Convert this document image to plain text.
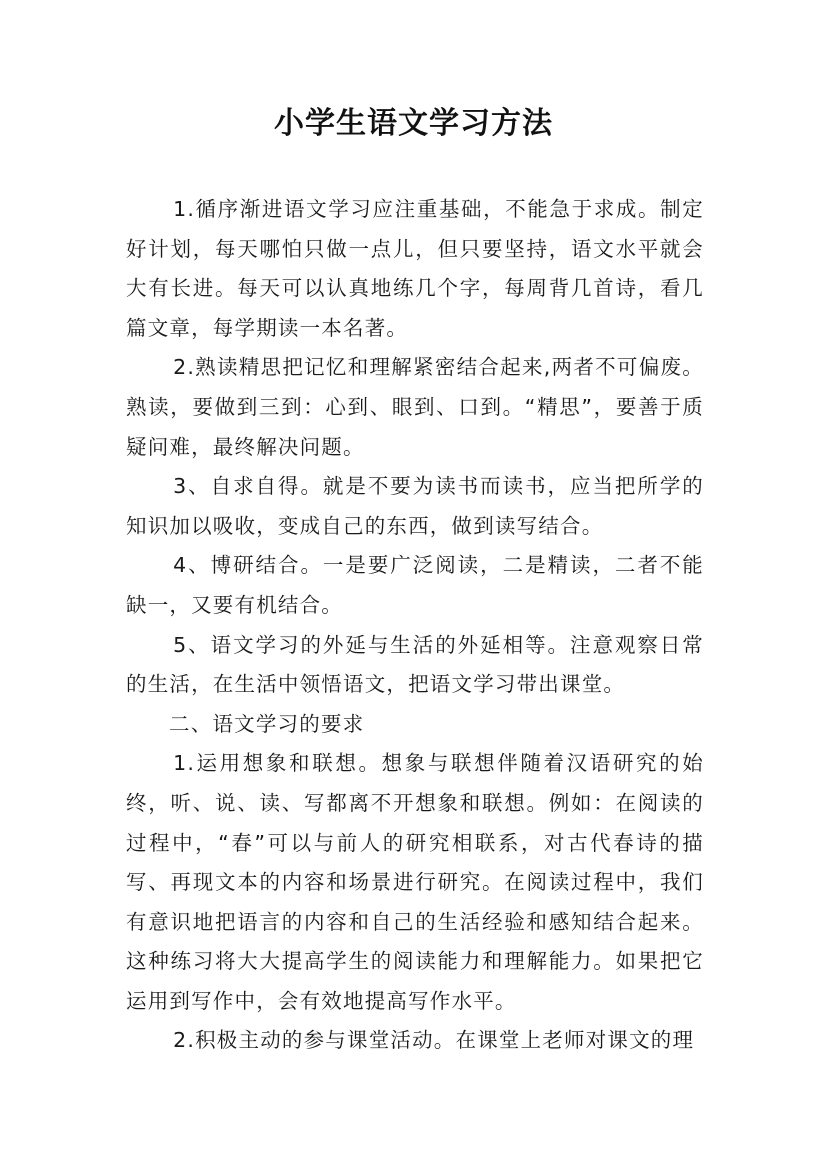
小学生语文学习方法

1.循序渐进语文学习应注重基础，不能急于求成。制定好计划，每天哪怕只做一点儿，但只要坚持，语文水平就会大有长进。每天可以认真地练几个字，每周背几首诗，看几篇文章，每学期读一本名著。

2.熟读精思把记忆和理解紧密结合起来,两者不可偏废。熟读，要做到三到：心到、眼到、口到。“精思”，要善于质疑问难，最终解决问题。

3、自求自得。就是不要为读书而读书，应当把所学的知识加以吸收，变成自己的东西，做到读写结合。

4、博研结合。一是要广泛阅读，二是精读，二者不能缺一，又要有机结合。

5、语文学习的外延与生活的外延相等。注意观察日常的生活，在生活中领悟语文，把语文学习带出课堂。

二、语文学习的要求

1.运用想象和联想。想象与联想伴随着汉语研究的始终，听、说、读、写都离不开想象和联想。例如：在阅读的过程中，“春”可以与前人的研究相联系，对古代春诗的描写、再现文本的内容和场景进行研究。在阅读过程中，我们有意识地把语言的内容和自己的生活经验和感知结合起来。这种练习将大大提高学生的阅读能力和理解能力。如果把它运用到写作中，会有效地提高写作水平。

2.积极主动的参与课堂活动。在课堂上老师对课文的理
